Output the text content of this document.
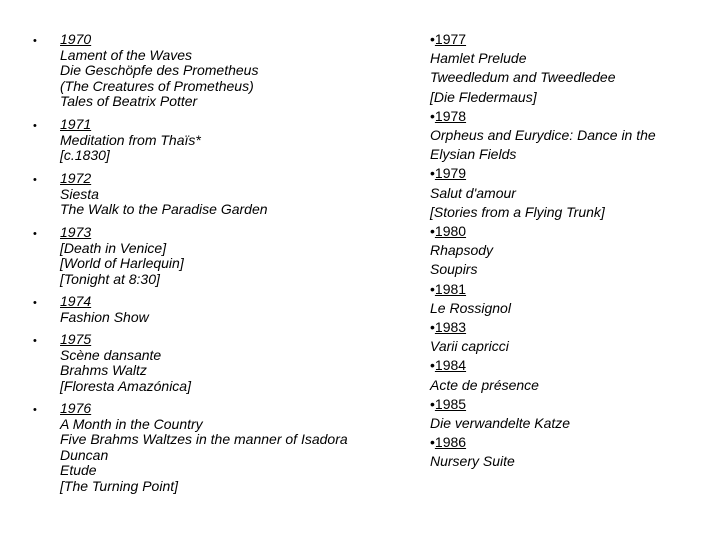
• 1970
Lament of the Waves
Die Geschöpfe des Prometheus
(The Creatures of Prometheus)
Tales of Beatrix Potter
• 1971
Meditation from Thaïs*
[c.1830]
• 1972
Siesta
The Walk to the Paradise Garden
• 1973
[Death in Venice]
[World of Harlequin]
[Tonight at 8:30]
• 1974
Fashion Show
• 1975
Scène dansante
Brahms Waltz
[Floresta Amazónica]
• 1976
A Month in the Country
Five Brahms Waltzes in the manner of Isadora Duncan
Etude
[The Turning Point]
•1977
Hamlet Prelude
Tweedledum and Tweedledee
[Die Fledermaus]
•1978
Orpheus and Eurydice: Dance in the
Elysian Fields
•1979
Salut d'amour
[Stories from a Flying Trunk]
•1980
Rhapsody
Soupirs
•1981
Le Rossignol
•1983
Varii capricci
•1984
Acte de présence
•1985
Die verwandelte Katze
•1986
Nursery Suite
